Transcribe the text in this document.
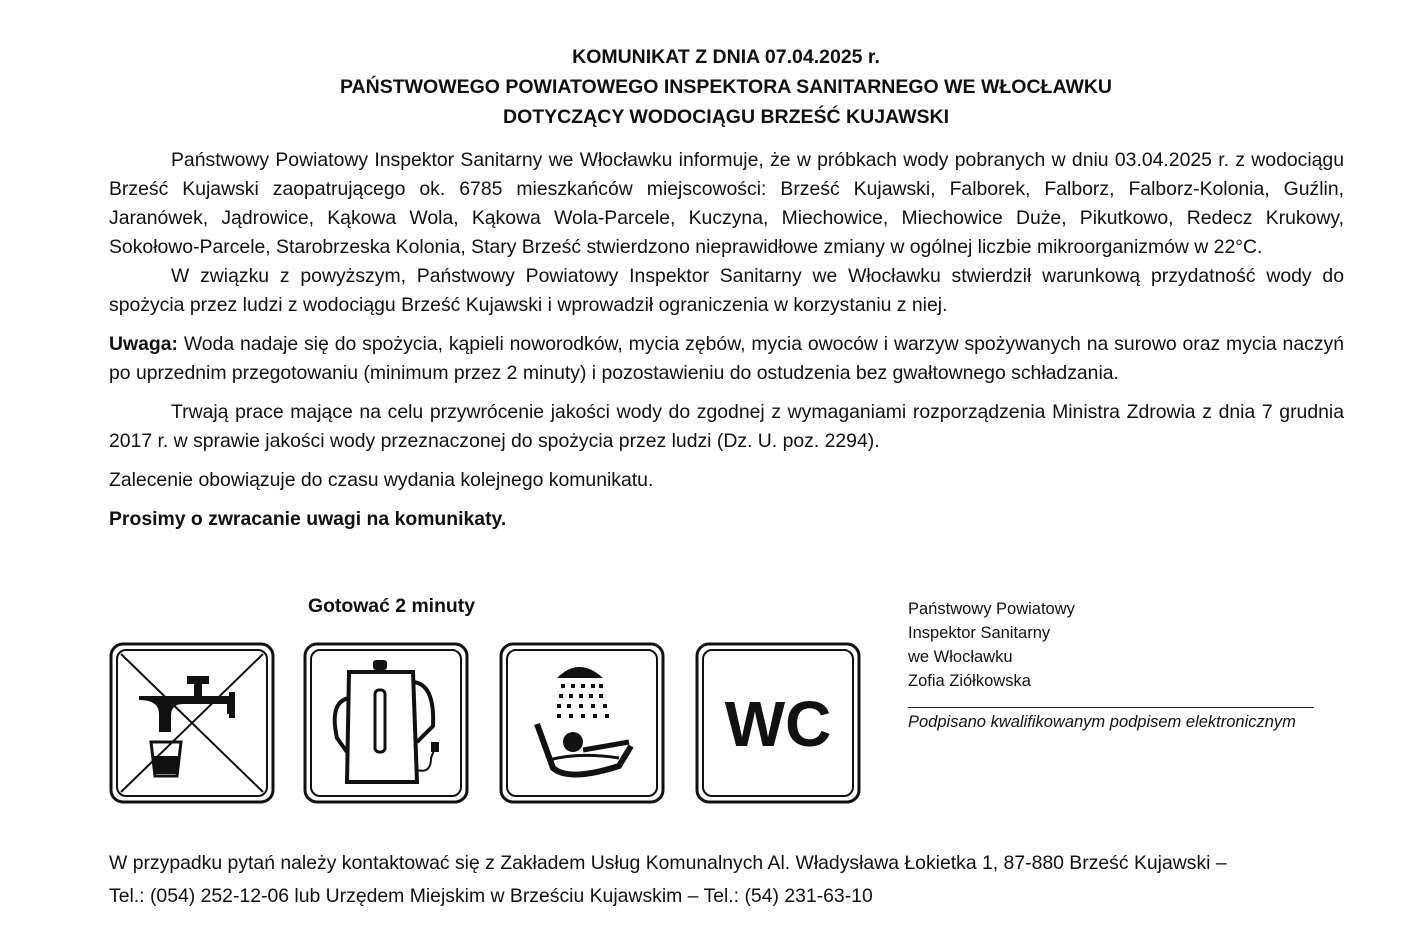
KOMUNIKAT Z DNIA 07.04.2025 r.
PAŃSTWOWEGO POWIATOWEGO INSPEKTORA SANITARNEGO WE WŁOCŁAWKU
DOTYCZĄCY WODOCIĄGU BRZEŚĆ KUJAWSKI

Państwowy Powiatowy Inspektor Sanitarny we Włocławku informuje, że w próbkach wody pobranych w dniu 03.04.2025 r. z wodociągu Brześć Kujawski zaopatrującego ok. 6785 mieszkańców miejscowości: Brześć Kujawski, Falborek, Falborz, Falborz-Kolonia, Guźlin, Jaranówek, Jądrowice, Kąkowa Wola, Kąkowa Wola-Parcele, Kuczyna, Miechowice, Miechowice Duże, Pikutkowo, Redecz Krukowy, Sokołowo-Parcele, Starobrzeska Kolonia, Stary Brześć stwierdzono nieprawidłowe zmiany w ogólnej liczbie mikroorganizmów w 22°C.

W związku z powyższym, Państwowy Powiatowy Inspektor Sanitarny we Włocławku stwierdził warunkową przydatność wody do spożycia przez ludzi z wodociągu Brześć Kujawski i wprowadził ograniczenia w korzystaniu z niej.

Uwaga: Woda nadaje się do spożycia, kąpieli noworodków, mycia zębów, mycia owoców i warzyw spożywanych na surowo oraz mycia naczyń po uprzednim przegotowaniu (minimum przez 2 minuty) i pozostawieniu do ostudzenia bez gwałtownego schładzania.

Trwają prace mające na celu przywrócenie jakości wody do zgodnej z wymaganiami rozporządzenia Ministra Zdrowia z dnia 7 grudnia 2017 r. w sprawie jakości wody przeznaczonej do spożycia przez ludzi (Dz. U. poz. 2294).

Zalecenie obowiązuje do czasu wydania kolejnego komunikatu.

Prosimy o zwracanie uwagi na komunikaty.

Gotować 2 minuty
WC
Państwowy Powiatowy
Inspektor Sanitarny
we Włocławku
Zofia Ziółkowska
Podpisano kwalifikowanym podpisem elektronicznym
W przypadku pytań należy kontaktować się z Zakładem Usług Komunalnych Al. Władysława Łokietka 1, 87-880 Brześć Kujawski –
Tel.: (054) 252-12-06 lub Urzędem Miejskim w Brześciu Kujawskim – Tel.: (54) 231-63-10
